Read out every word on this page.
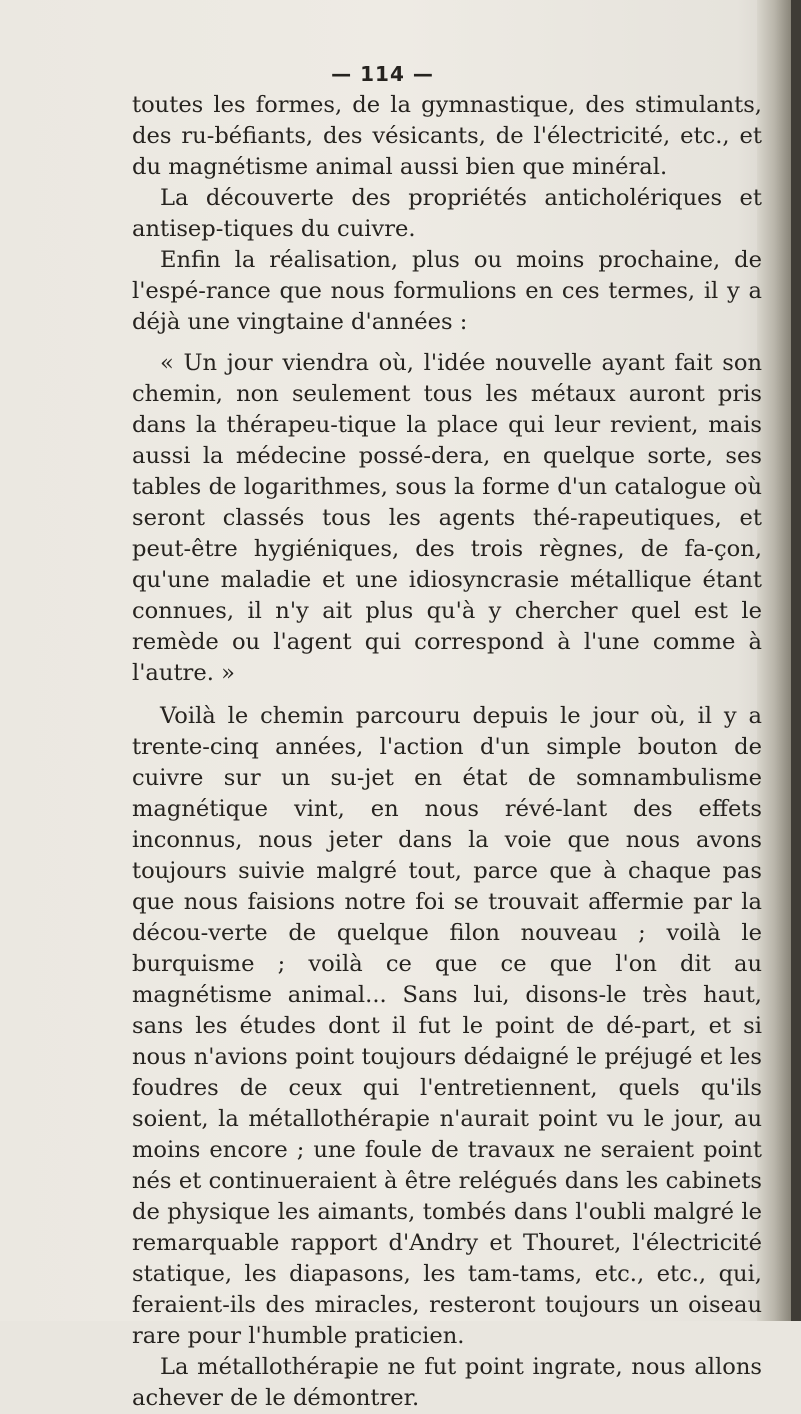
— 114 —

toutes les formes, de la gymnastique, des stimulants, des ru-béfiants, des vésicants, de l'électricité, etc., et du magnétisme animal aussi bien que minéral.

La découverte des propriétés anticholériques et antisep-tiques du cuivre.

Enfin la réalisation, plus ou moins prochaine, de l'espé-rance que nous formulions en ces termes, il y a déjà une vingtaine d'années :

« Un jour viendra où, l'idée nouvelle ayant fait son chemin, non seulement tous les métaux auront pris dans la thérapeu-tique la place qui leur revient, mais aussi la médecine possé-dera, en quelque sorte, ses tables de logarithmes, sous la forme d'un catalogue où seront classés tous les agents thé-rapeutiques, et peut-être hygiéniques, des trois règnes, de fa-çon, qu'une maladie et une idiosyncrasie métallique étant connues, il n'y ait plus qu'à y chercher quel est le remède ou l'agent qui correspond à l'une comme à l'autre. »

Voilà le chemin parcouru depuis le jour où, il y a trente-cinq années, l'action d'un simple bouton de cuivre sur un su-jet en état de somnambulisme magnétique vint, en nous révé-lant des effets inconnus, nous jeter dans la voie que nous avons toujours suivie malgré tout, parce que à chaque pas que nous faisions notre foi se trouvait affermie par la décou-verte de quelque filon nouveau ; voilà le burquisme ; voilà ce que ce que l'on dit au magnétisme animal... Sans lui, disons-le très haut, sans les études dont il fut le point de dé-part, et si nous n'avions point toujours dédaigné le préjugé et les foudres de ceux qui l'entretiennent, quels qu'ils soient, la métallothérapie n'aurait point vu le jour, au moins encore ; une foule de travaux ne seraient point nés et continueraient à être relégués dans les cabinets de physique les aimants, tombés dans l'oubli malgré le remarquable rapport d'Andry et Thouret, l'électricité statique, les diapasons, les tam-tams, etc., etc., qui, feraient-ils des miracles, resteront toujours un oiseau rare pour l'humble praticien.

La métallothérapie ne fut point ingrate, nous allons achever de le démontrer.
